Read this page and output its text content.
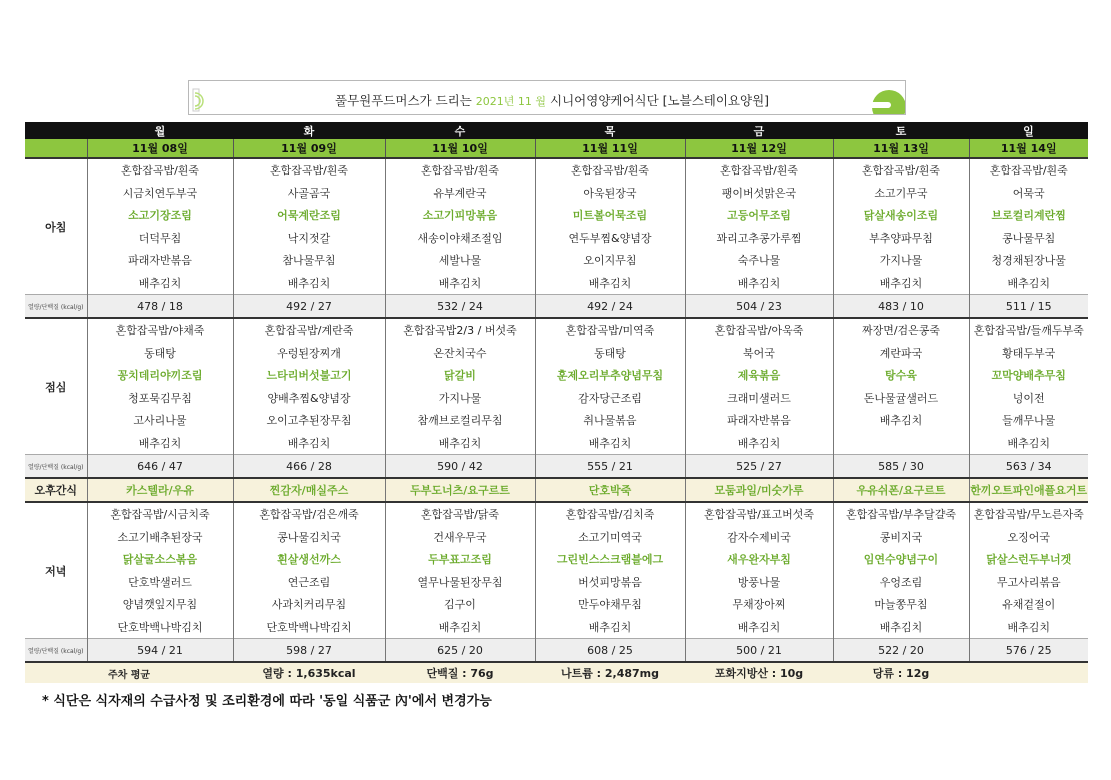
풀무원푸드머스가 드리는 2021년 11 월 시니어영양케어식단 [노블스테이요양원]
	월	화	수	목	금	토	일
	11월 08일	11월 09일	11월 10일	11월 11일	11월 12일	11월 13일	11월 14일
아침	혼합잡곡밥/흰죽	혼합잡곡밥/흰죽	혼합잡곡밥/흰죽	혼합잡곡밥/흰죽	혼합잡곡밥/흰죽	혼합잡곡밥/흰죽	혼합잡곡밥/흰죽
	시금치연두부국	사골곰국	유부계란국	아욱된장국	팽이버섯맑은국	소고기무국	어묵국
	소고기장조림	어묵계란조림	소고기피망볶음	미트볼어묵조림	고등어무조림	닭살새송이조림	브로컬리계란찜
	더덕무침	낙지젓갈	새송이야채조절임	연두부찜&양념장	꽈리고추콩가루찜	부추양파무침	콩나물무침
	파래자반볶음	참나물무침	세발나물	오이지무침	숙주나물	가지나물	청경채된장나물
	배추김치	배추김치	배추김치	배추김치	배추김치	배추김치	배추김치
열량/단백질 (kcal/g)	478 / 18	492 / 27	532 / 24	492 / 24	504 / 23	483 / 10	511 / 15
점심	혼합잡곡밥/야채죽	혼합잡곡밥/계란죽	혼합잡곡밥2/3 / 버섯죽	혼합잡곡밥/미역죽	혼합잡곡밥/아욱죽	짜장면/검은콩죽	혼합잡곡밥/들깨두부죽
	동태탕	우렁된장찌개	온잔치국수	동태탕	북어국	계란파국	황태두부국
	꽁치데리야끼조림	느타리버섯불고기	닭갈비	훈제오리부추양념무침	제육볶음	탕수육	꼬막양배추무침
	청포묵김무침	양배추찜&양념장	가지나물	감자당근조림	크래미샐러드	돈나물귤샐러드	넝이전
	고사리나물	오이고추된장무침	참깨브로컬리무침	취나물볶음	파래자반볶음	배추김치	들깨무나물
	배추김치	배추김치	배추김치	배추김치	배추김치		배추김치
열량/단백질 (kcal/g)	646 / 47	466 / 28	590 / 42	555 / 21	525 / 27	585 / 30	563 / 34
오후간식	카스텔라/우유	찐감자/매실주스	두부도너츠/요구르트	단호박죽	모둠과일/미숫가루	우유쉬폰/요구르트	한끼오트파인애플요거트
저녁	혼합잡곡밥/시금치죽	혼합잡곡밥/검은깨죽	혼합잡곡밥/닭죽	혼합잡곡밥/김치죽	혼합잡곡밥/표고버섯죽	혼합잡곡밥/부추달걀죽	혼합잡곡밥/무노른자죽
	소고기배추된장국	콩나물김치국	건새우무국	소고기미역국	감자수제비국	콩비지국	오징어국
	닭살굴소스볶음	흰살생선까스	두부표고조림	그린빈스스크램블에그	새우완자부침	임연수양념구이	닭살스런두부너겟
	단호박샐러드	연근조림	열무나물된장무침	버섯피망볶음	방풍나물	우엉조림	무고사리볶음
	양념깻잎지무침	사과치커리무침	김구이	만두야채무침	무채장아찌	마늘쫑무침	유채겉절이
	단호박백나박김치	단호박백나박김치	배추김치	배추김치	배추김치	배추김치	배추김치
열량/단백질 (kcal/g)	594 / 21	598 / 27	625 / 20	608 / 25	500 / 21	522 / 20	576 / 25
주차 평균		열량 : 1,635kcal	단백질 : 76g	나트륨 : 2,487mg	포화지방산 : 10g	당류 : 12g	
* 식단은 식자재의 수급사정 및 조리환경에 따라 '동일 식품군 內'에서 변경가능
